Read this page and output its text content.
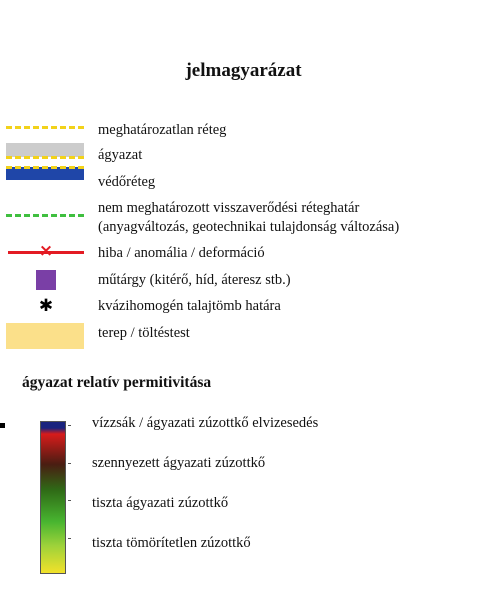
jelmagyarázat
meghatározatlan réteg
ágyazat
védőréteg
nem meghatározott visszaverődési réteghatár
(anyagváltozás, geotechnikai tulajdonság változása)
×	hiba / anomália / deformáció
műtárgy (kitérő, híd, áteresz stb.)
✱	kvázihomogén talajtömb határa
terep / töltéstest
ágyazat relatív permitivitása
vízzsák / ágyazati zúzottkő elvizesedés
szennyezett ágyazati zúzottkő
tiszta ágyazati zúzottkő
tiszta tömörítetlen zúzottkő
